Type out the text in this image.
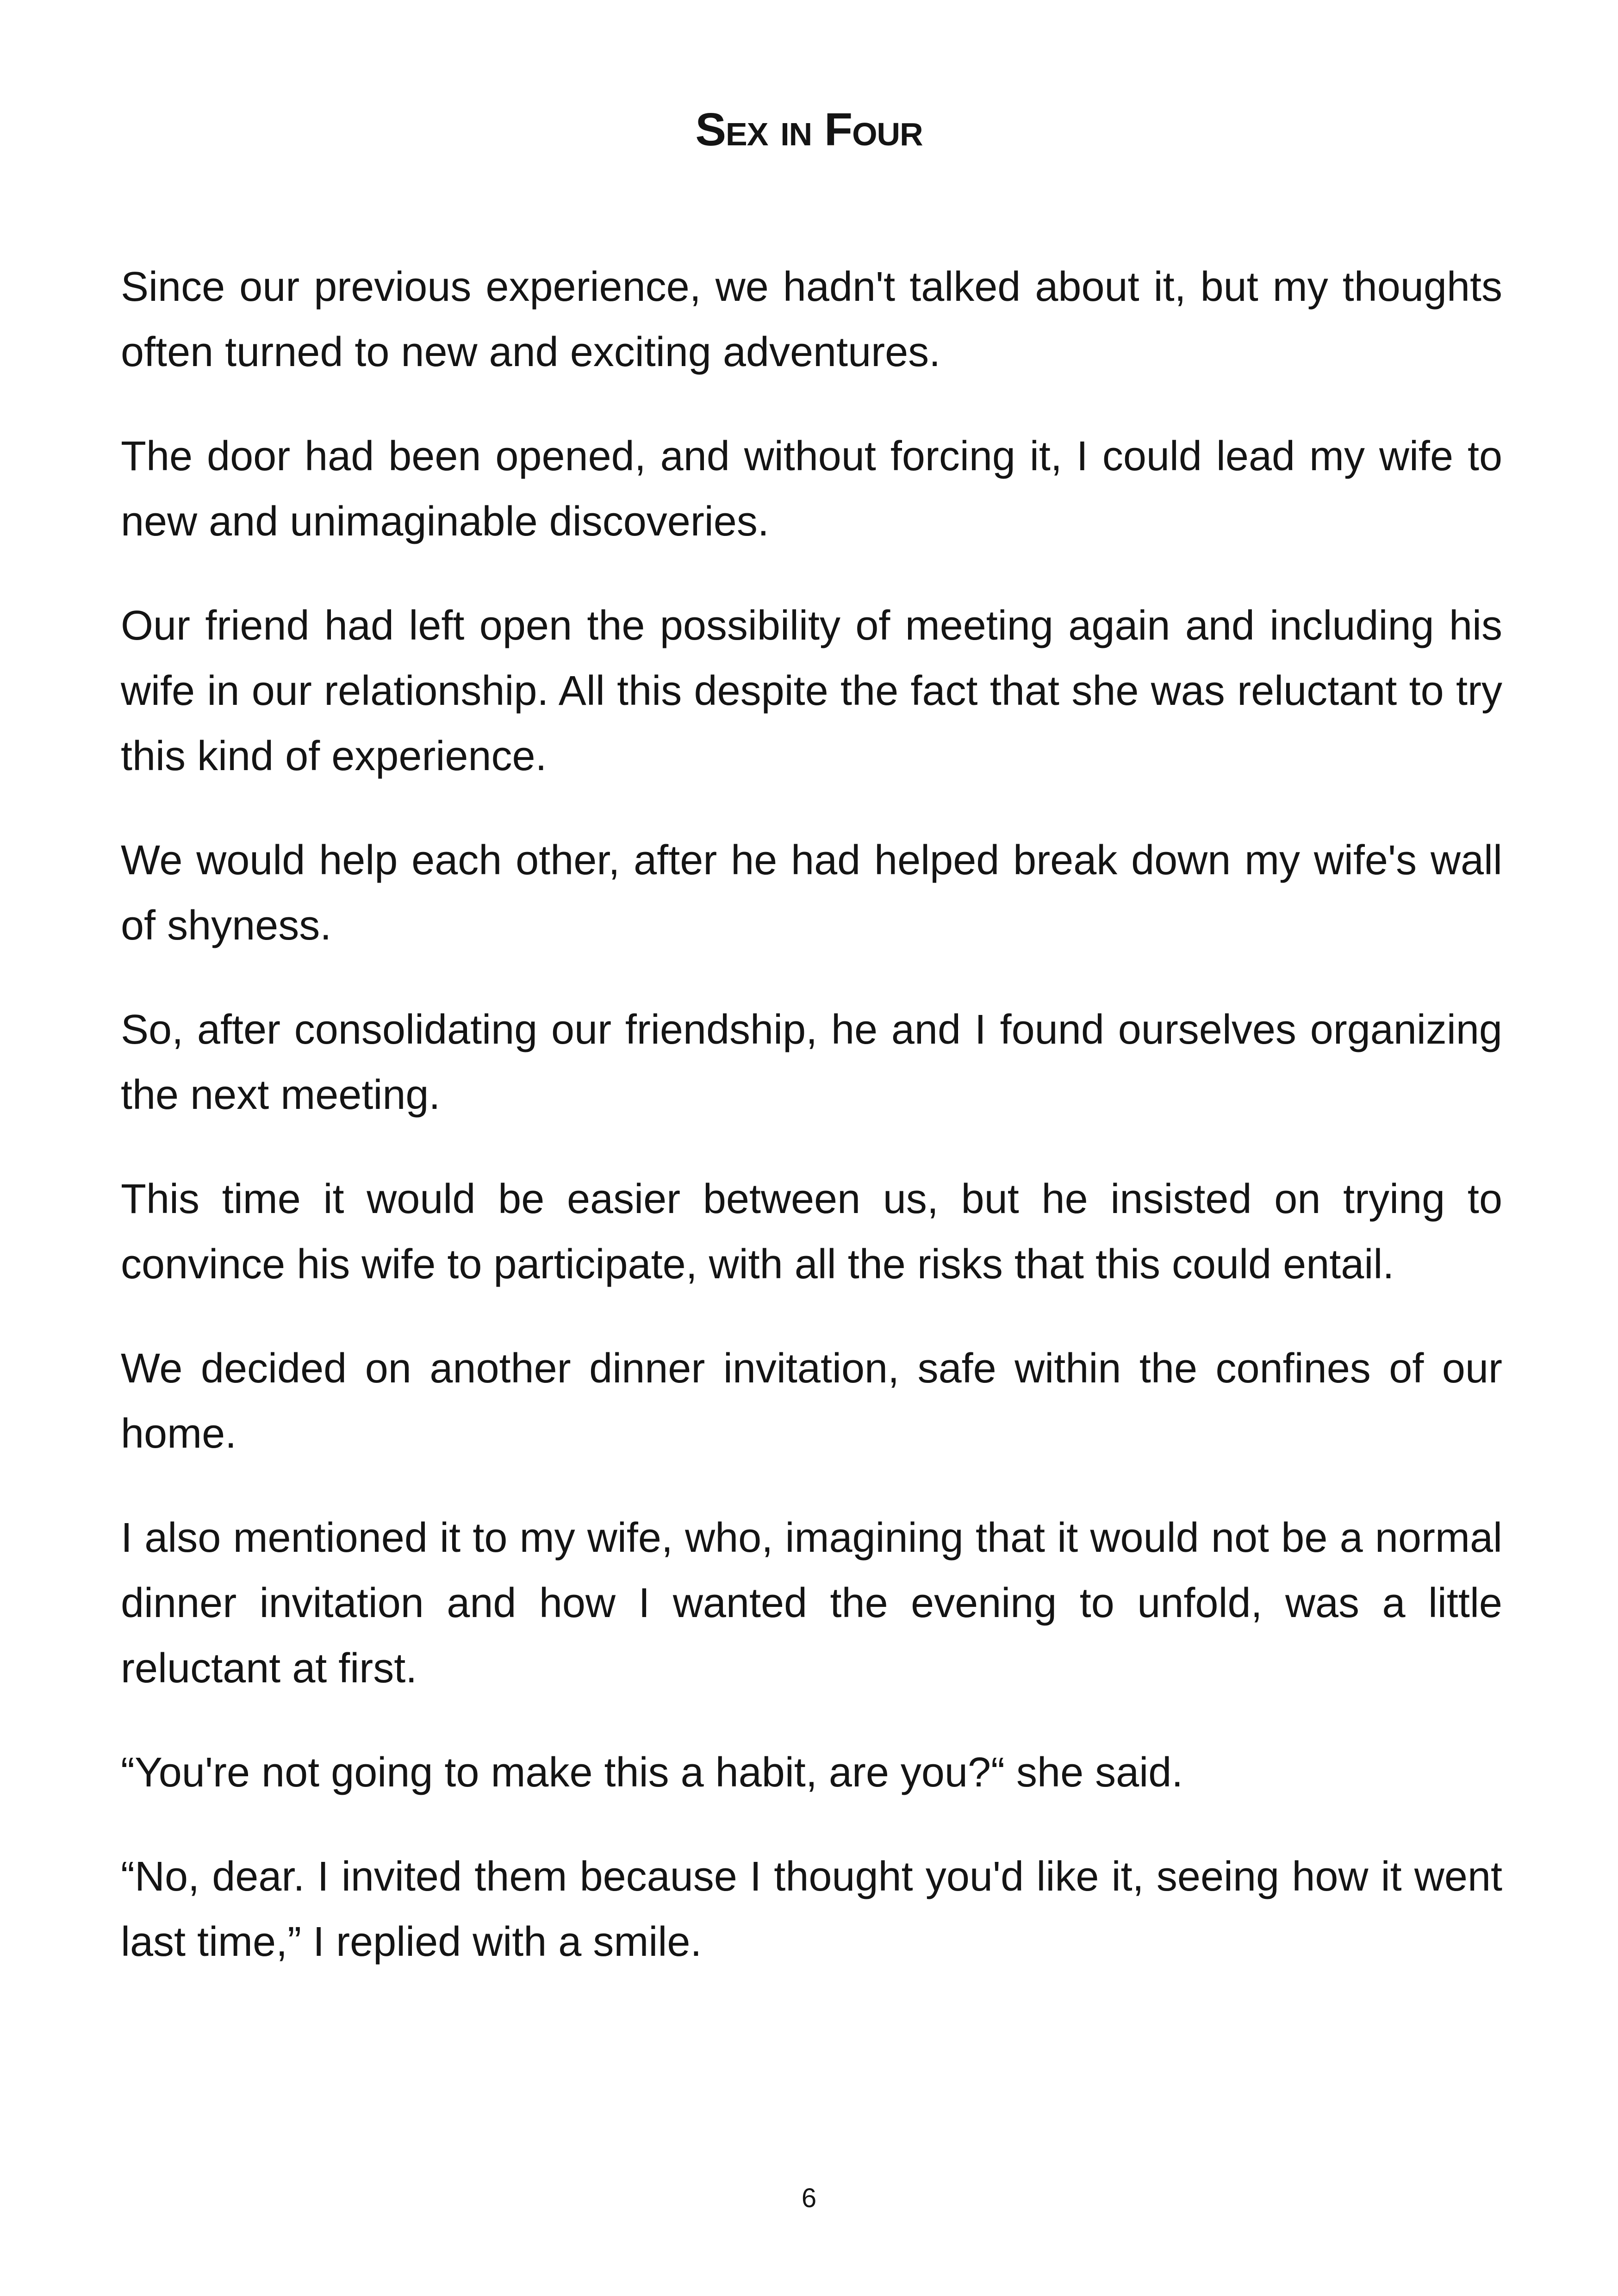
Sex in Four

Since our previous experience, we hadn't talked about it, but my thoughts often turned to new and exciting adventures.

The door had been opened, and without forcing it, I could lead my wife to new and unimaginable discoveries.

Our friend had left open the possibility of meeting again and including his wife in our relationship. All this despite the fact that she was reluctant to try this kind of experience.

We would help each other, after he had helped break down my wife's wall of shyness.

So, after consolidating our friendship, he and I found ourselves organizing the next meeting.

This time it would be easier between us, but he insisted on trying to convince his wife to participate, with all the risks that this could entail.

We decided on another dinner invitation, safe within the confines of our home.

I also mentioned it to my wife, who, imagining that it would not be a normal dinner invitation and how I wanted the evening to unfold, was a little reluctant at first.

“You're not going to make this a habit, are you?“ she said.

“No, dear. I invited them because I thought you'd like it, seeing how it went last time,” I replied with a smile.

6
